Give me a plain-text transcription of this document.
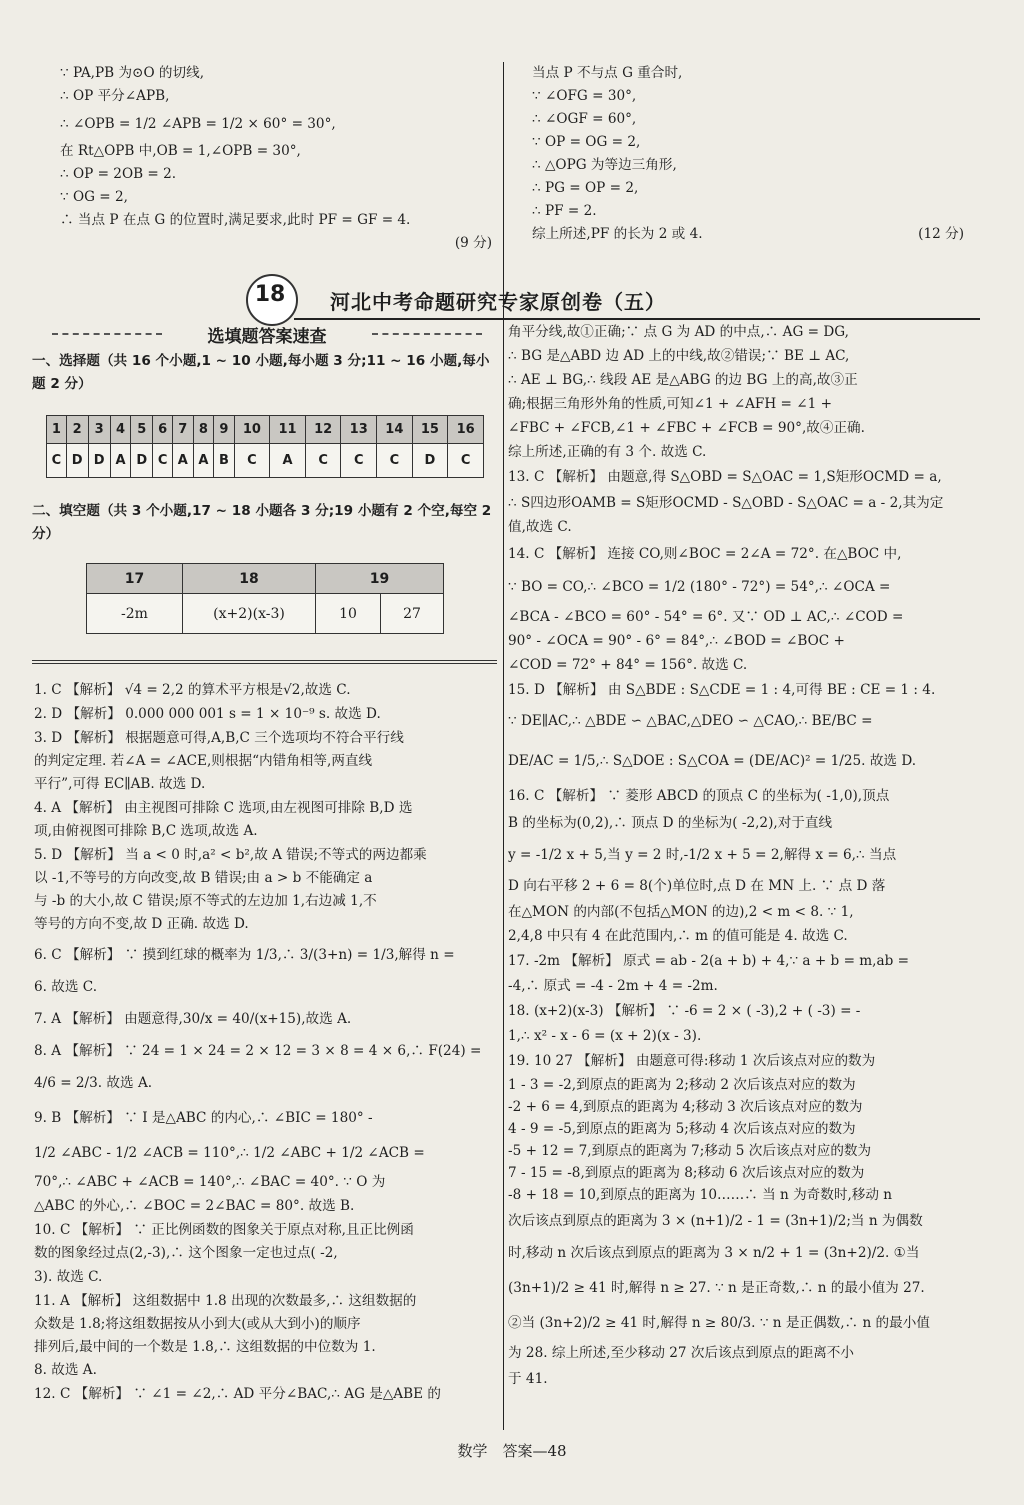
∵ PA,PB 为⊙O 的切线,
∴ OP 平分∠APB,
∴ ∠OPB = 1/2 ∠APB = 1/2 × 60° = 30°,
在 Rt△OPB 中,OB = 1,∠OPB = 30°,
∴ OP = 2OB = 2.
∵ OG = 2,
∴ 当点 P 在点 G 的位置时,满足要求,此时 PF = GF = 4.
(9 分)
当点 P 不与点 G 重合时,
∵ ∠OFG = 30°,
∴ ∠OGF = 60°,
∵ OP = OG = 2,
∴ △OPG 为等边三角形,
∴ PG = OP = 2,
∴ PF = 2.
综上所述,PF 的长为 2 或 4.	(12 分)
18 河北中考命题研究专家原创卷（五）
选填题答案速查
一、选择题（共 16 个小题,1 ~ 10 小题,每小题 3 分;11 ~ 16 小题,每小题 2 分）
1	2	3	4	5	6	7	8	9	10	11	12	13	14	15	16
C	D	D	A	D	C	A	A	B	C	A	C	C	C	D	C
二、填空题（共 3 个小题,17 ~ 18 小题各 3 分;19 小题有 2 个空,每空 2 分）
17	18	19	
-2m	(x+2)(x-3)	10	27
1. C 【解析】 √4 = 2,2 的算术平方根是√2,故选 C.
2. D 【解析】 0.000 000 001 s = 1 × 10⁻⁹ s. 故选 D.
3. D 【解析】 根据题意可得,A,B,C 三个选项均不符合平行线
的判定定理. 若∠A = ∠ACE,则根据“内错角相等,两直线
平行”,可得 EC∥AB. 故选 D.
4. A 【解析】 由主视图可排除 C 选项,由左视图可排除 B,D 选
项,由俯视图可排除 B,C 选项,故选 A.
5. D 【解析】 当 a < 0 时,a² < b²,故 A 错误;不等式的两边都乘
以 -1,不等号的方向改变,故 B 错误;由 a > b 不能确定 a
与 -b 的大小,故 C 错误;原不等式的左边加 1,右边减 1,不
等号的方向不变,故 D 正确. 故选 D.
6. C 【解析】 ∵ 摸到红球的概率为 1/3,∴ 3/(3+n) = 1/3,解得 n =
6. 故选 C.
7. A 【解析】 由题意得,30/x = 40/(x+15),故选 A.
8. A 【解析】 ∵ 24 = 1 × 24 = 2 × 12 = 3 × 8 = 4 × 6,∴ F(24) =
4/6 = 2/3. 故选 A.
9. B 【解析】 ∵ I 是△ABC 的内心,∴ ∠BIC = 180° -
1/2 ∠ABC - 1/2 ∠ACB = 110°,∴ 1/2 ∠ABC + 1/2 ∠ACB =
70°,∴ ∠ABC + ∠ACB = 140°,∴ ∠BAC = 40°. ∵ O 为
△ABC 的外心,∴ ∠BOC = 2∠BAC = 80°. 故选 B.
10. C 【解析】 ∵ 正比例函数的图象关于原点对称,且正比例函
数的图象经过点(2,-3),∴ 这个图象一定也过点( -2,
3). 故选 C.
11. A 【解析】 这组数据中 1.8 出现的次数最多,∴ 这组数据的
众数是 1.8;将这组数据按从小到大(或从大到小)的顺序
排列后,最中间的一个数是 1.8,∴ 这组数据的中位数为 1.
8. 故选 A.
12. C 【解析】 ∵ ∠1 = ∠2,∴ AD 平分∠BAC,∴ AG 是△ABE 的
角平分线,故①正确;∵ 点 G 为 AD 的中点,∴ AG = DG,
∴ BG 是△ABD 边 AD 上的中线,故②错误;∵ BE ⊥ AC,
∴ AE ⊥ BG,∴ 线段 AE 是△ABG 的边 BG 上的高,故③正
确;根据三角形外角的性质,可知∠1 + ∠AFH = ∠1 +
∠FBC + ∠FCB,∠1 + ∠FBC + ∠FCB = 90°,故④正确.
综上所述,正确的有 3 个. 故选 C.
13. C 【解析】 由题意,得 S△OBD = S△OAC = 1,S矩形OCMD = a,
∴ S四边形OAMB = S矩形OCMD - S△OBD - S△OAC = a - 2,其为定
值,故选 C.
14. C 【解析】 连接 CO,则∠BOC = 2∠A = 72°. 在△BOC 中,
∵ BO = CO,∴ ∠BCO = 1/2 (180° - 72°) = 54°,∴ ∠OCA =
∠BCA - ∠BCO = 60° - 54° = 6°. 又∵ OD ⊥ AC,∴ ∠COD =
90° - ∠OCA = 90° - 6° = 84°,∴ ∠BOD = ∠BOC +
∠COD = 72° + 84° = 156°. 故选 C.
15. D 【解析】 由 S△BDE : S△CDE = 1 : 4,可得 BE : CE = 1 : 4.
∵ DE∥AC,∴ △BDE ∽ △BAC,△DEO ∽ △CAO,∴ BE/BC =
DE/AC = 1/5,∴ S△DOE : S△COA = (DE/AC)² = 1/25. 故选 D.
16. C 【解析】 ∵ 菱形 ABCD 的顶点 C 的坐标为( -1,0),顶点
B 的坐标为(0,2),∴ 顶点 D 的坐标为( -2,2),对于直线
y = -1/2 x + 5,当 y = 2 时,-1/2 x + 5 = 2,解得 x = 6,∴ 当点
D 向右平移 2 + 6 = 8(个)单位时,点 D 在 MN 上. ∵ 点 D 落
在△MON 的内部(不包括△MON 的边),2 < m < 8. ∵ 1,
2,4,8 中只有 4 在此范围内,∴ m 的值可能是 4. 故选 C.
17. -2m 【解析】 原式 = ab - 2(a + b) + 4,∵ a + b = m,ab =
-4,∴ 原式 = -4 - 2m + 4 = -2m.
18. (x+2)(x-3) 【解析】 ∵ -6 = 2 × ( -3),2 + ( -3) = -
1,∴ x² - x - 6 = (x + 2)(x - 3).
19. 10 27 【解析】 由题意可得:移动 1 次后该点对应的数为
1 - 3 = -2,到原点的距离为 2;移动 2 次后该点对应的数为
-2 + 6 = 4,到原点的距离为 4;移动 3 次后该点对应的数为
4 - 9 = -5,到原点的距离为 5;移动 4 次后该点对应的数为
-5 + 12 = 7,到原点的距离为 7;移动 5 次后该点对应的数为
7 - 15 = -8,到原点的距离为 8;移动 6 次后该点对应的数为
-8 + 18 = 10,到原点的距离为 10……∴ 当 n 为奇数时,移动 n
次后该点到原点的距离为 3 × (n+1)/2 - 1 = (3n+1)/2;当 n 为偶数
时,移动 n 次后该点到原点的距离为 3 × n/2 + 1 = (3n+2)/2. ①当
(3n+1)/2 ≥ 41 时,解得 n ≥ 27. ∵ n 是正奇数,∴ n 的最小值为 27.
②当 (3n+2)/2 ≥ 41 时,解得 n ≥ 80/3. ∵ n 是正偶数,∴ n 的最小值
为 28. 综上所述,至少移动 27 次后该点到原点的距离不小
于 41.
数学　答案—48
